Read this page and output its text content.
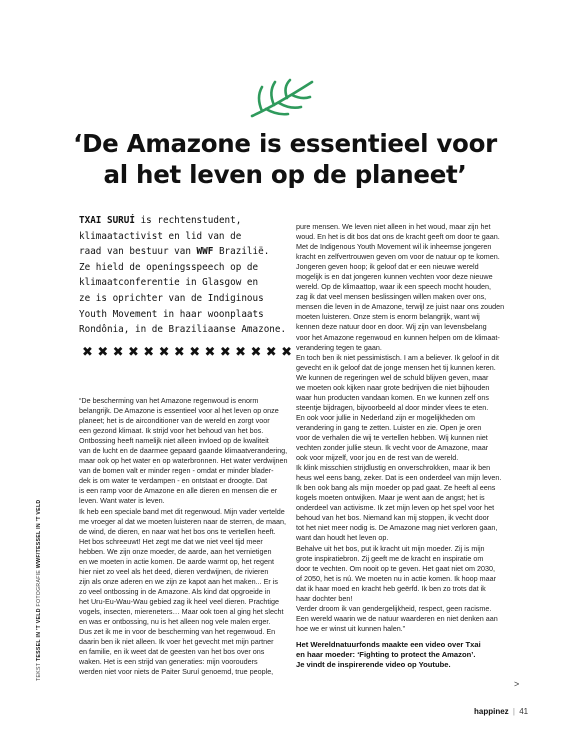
‘De Amazone is essentieel voor
al het leven op de planeet’
TXAI SURUÍ is rechtenstudent,
klimaatactivist en lid van de
raad van bestuur van WWF Brazilië.
Ze hield de openingsspeech op de
klimaatconferentie in Glasgow en
ze is oprichter van de Indiginous
Youth Movement in haar woonplaats
Rondônia, in de Braziliaanse Amazone.
✖ ✖ ✖ ✖ ✖ ✖ ✖ ✖ ✖ ✖ ✖ ✖ ✖ ✖
“De bescherming van het Amazone regenwoud is enorm
belangrijk. De Amazone is essentieel voor al het leven op onze
planeet; het is de airconditioner van de wereld en zorgt voor
een gezond klimaat. Ik strijd voor het behoud van het bos.
Ontbossing heeft namelijk niet alleen invloed op de kwaliteit
van de lucht en de daarmee gepaard gaande klimaatverandering,
maar ook op het water en op waterbronnen. Het water verdwijnen
van de bomen valt er minder regen - omdat er minder blader-
dek is om water te verdampen - en ontstaat er droogte. Dat
is een ramp voor de Amazone en alle dieren en mensen die er
leven. Want water is leven.
Ik heb een speciale band met dit regenwoud. Mijn vader vertelde
me vroeger al dat we moeten luisteren naar de sterren, de maan,
de wind, de dieren, en naar wat het bos ons te vertellen heeft.
Het bos schreeuwt! Het zegt me dat we niet veel tijd meer
hebben. We zijn onze moeder, de aarde, aan het vernietigen
en we moeten in actie komen. De aarde warmt op, het regent
hier niet zo veel als het deed, dieren verdwijnen, de rivieren
zijn als onze aderen en we zijn ze kapot aan het maken... Er is
zo veel ontbossing in de Amazone. Als kind dat opgroeide in
het Uru-Eu-Wau-Wau gebied zag ik heel veel dieren. Prachtige
vogels, insecten, miereneters… Maar ook toen al ging het slecht
en was er ontbossing, nu is het alleen nog vele malen erger.
Dus zet ik me in voor de bescherming van het regenwoud. En
daarin ben ik niet alleen. Ik voer het gevecht met mijn partner
en familie, en ik weet dat de geesten van het bos over ons
waken. Het is een strijd van generaties: mijn voorouders
werden niet voor niets de Paiter Suruí genoemd, true people,
pure mensen. We leven niet alleen in het woud, maar zijn het
woud. En het is dit bos dat ons de kracht geeft om door te gaan.
Met de Indigenous Youth Movement wil ik inheemse jongeren
kracht en zelfvertrouwen geven om voor de natuur op te komen.
Jongeren geven hoop; ik geloof dat er een nieuwe wereld
mogelijk is en dat jongeren kunnen vechten voor deze nieuwe
wereld. Op de klimaattop, waar ik een speech mocht houden,
zag ik dat veel mensen beslissingen willen maken over ons,
mensen die leven in de Amazone, terwijl ze juist naar ons zouden
moeten luisteren. Onze stem is enorm belangrijk, want wij
kennen deze natuur door en door. Wij zijn van levensbelang
voor het Amazone regenwoud en kunnen helpen om de klimaat-
verandering tegen te gaan.
En toch ben ik niet pessimistisch. I am a believer. Ik geloof in dit
gevecht en ik geloof dat de jonge mensen het tij kunnen keren.
We kunnen de regeringen wel de schuld blijven geven, maar
we moeten ook kijken naar grote bedrijven die niet bijhouden
waar hun producten vandaan komen. En we kunnen zelf ons
steentje bijdragen, bijvoorbeeld al door minder vlees te eten.
En ook voor jullie in Nederland zijn er mogelijkheden om
verandering in gang te zetten. Luister en zie. Open je oren
voor de verhalen die wij te vertellen hebben. Wij kunnen niet
vechten zonder jullie steun. Ik vecht voor de Amazone, maar
ook voor mijzelf, voor jou en de rest van de wereld.
Ik klink misschien strijdlustig en onverschrokken, maar ik ben
heus wel eens bang, zeker. Dat is een onderdeel van mijn leven.
Ik ben ook bang als mijn moeder op pad gaat. Ze heeft al eens
kogels moeten ontwijken. Maar je went aan de angst; het is
onderdeel van activisme. Ik zet mijn leven op het spel voor het
behoud van het bos. Niemand kan mij stoppen, ik vecht door
tot het niet meer nodig is. De Amazone mag niet verloren gaan,
want dan houdt het leven op.
Behalve uit het bos, put ik kracht uit mijn moeder. Zij is mijn
grote inspiratiebron. Zij geeft me de kracht en inspiratie om
door te vechten. Om nooit op te geven. Het gaat niet om 2030,
of 2050, het is nú. We moeten nu in actie komen. Ik hoop maar
dat ik haar moed en kracht heb geërfd. Ik ben zo trots dat ik
haar dochter ben!
Verder droom ik van gendergelijkheid, respect, geen racisme.
Een wereld waarin we de natuur waarderen en niet denken aan
hoe we er winst uit kunnen halen.”
Het Wereldnatuurfonds maakte een video over Txai
en haar moeder: ‘Fighting to protect the Amazon’.
Je vindt de inspirerende video op Youtube.
>
TEKST TESSEL IN 'T VELD FOTOGRAFIE WWF/TESSEL IN 'T VELD
happinez | 41
